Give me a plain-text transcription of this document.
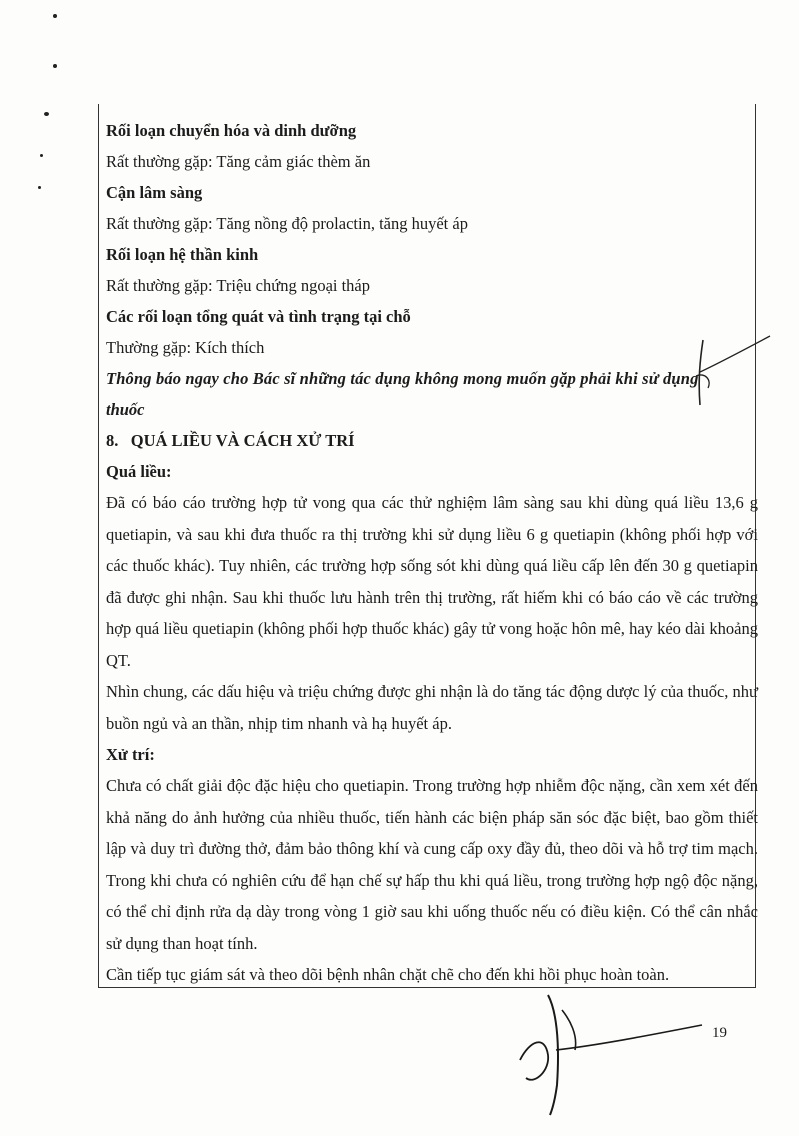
Rối loạn chuyển hóa và dinh dưỡng
Rất thường gặp: Tăng cảm giác thèm ăn
Cận lâm sàng
Rất thường gặp: Tăng nồng độ prolactin, tăng huyết áp
Rối loạn hệ thần kinh
Rất thường gặp: Triệu chứng ngoại tháp
Các rối loạn tổng quát và tình trạng tại chỗ
Thường gặp: Kích thích
Thông báo ngay cho Bác sĩ những tác dụng không mong muốn gặp phải khi sử dụng
thuốc
8.   QUÁ LIỀU VÀ CÁCH XỬ TRÍ
Quá liều:
Đã có báo cáo trường hợp tử vong qua các thử nghiệm lâm sàng sau khi dùng quá liều 13,6 g quetiapin, và sau khi đưa thuốc ra thị trường khi sử dụng liều 6 g quetiapin (không phối hợp với các thuốc khác). Tuy nhiên, các trường hợp sống sót khi dùng quá liều cấp lên đến 30 g quetiapin đã được ghi nhận. Sau khi thuốc lưu hành trên thị trường, rất hiếm khi có báo cáo về các trường hợp quá liều quetiapin (không phối hợp thuốc khác) gây tử vong hoặc hôn mê, hay kéo dài khoảng QT.
Nhìn chung, các dấu hiệu và triệu chứng được ghi nhận là do tăng tác động dược lý của thuốc, như buồn ngủ và an thần, nhịp tim nhanh và hạ huyết áp.
Xử trí:
Chưa có chất giải độc đặc hiệu cho quetiapin. Trong trường hợp nhiễm độc nặng, cần xem xét đến khả năng do ảnh hưởng của nhiều thuốc, tiến hành các biện pháp săn sóc đặc biệt, bao gồm thiết lập và duy trì đường thở, đảm bảo thông khí và cung cấp oxy đầy đủ, theo dõi và hỗ trợ tim mạch. Trong khi chưa có nghiên cứu để hạn chế sự hấp thu khi quá liều, trong trường hợp ngộ độc nặng, có thể chỉ định rửa dạ dày trong vòng 1 giờ sau khi uống thuốc nếu có điều kiện. Có thể cân nhắc sử dụng than hoạt tính.
Cần tiếp tục giám sát và theo dõi bệnh nhân chặt chẽ cho đến khi hồi phục hoàn toàn.
19
